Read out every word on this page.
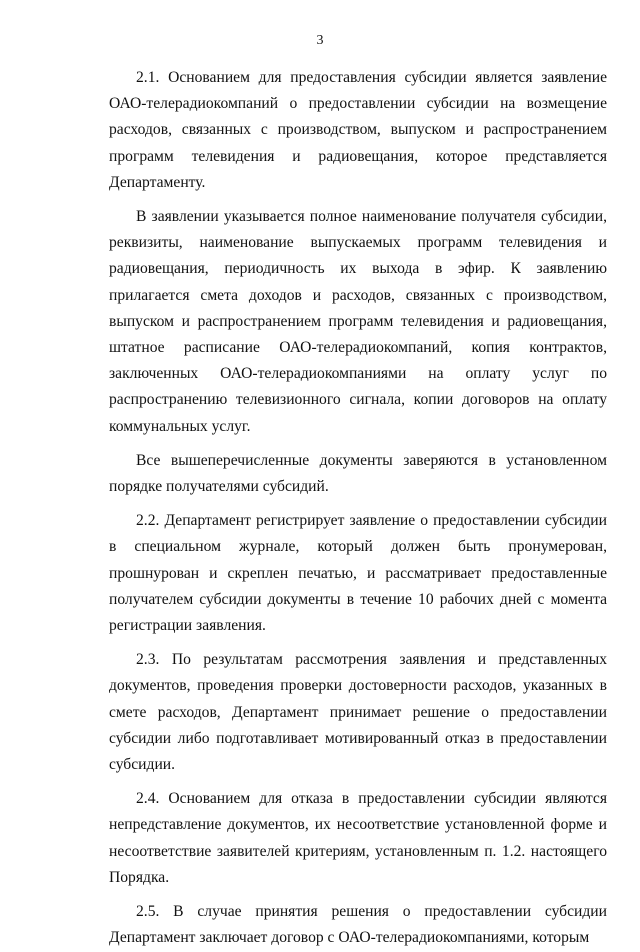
3

2.1. Основанием для предоставления субсидии является заявление ОАО-телерадиокомпаний о предоставлении субсидии на возмещение расходов, связанных с производством, выпуском и распространением программ телевидения и радиовещания, которое представляется Департаменту.

В заявлении указывается полное наименование получателя субсидии, реквизиты, наименование выпускаемых программ телевидения и радиовещания, периодичность их выхода в эфир. К заявлению прилагается смета доходов и расходов, связанных с производством, выпуском и распространением программ телевидения и радиовещания, штатное расписание ОАО-телерадиокомпаний, копия контрактов, заключенных ОАО-телерадиокомпаниями на оплату услуг по распространению телевизионного сигнала, копии договоров на оплату коммунальных услуг.

Все вышеперечисленные документы заверяются в установленном порядке получателями субсидий.

2.2. Департамент регистрирует заявление о предоставлении субсидии в специальном журнале, который должен быть пронумерован, прошнурован и скреплен печатью, и рассматривает предоставленные получателем субсидии документы в течение 10 рабочих дней с момента регистрации заявления.

2.3. По результатам рассмотрения заявления и представленных документов, проведения проверки достоверности расходов, указанных в смете расходов, Департамент принимает решение о предоставлении субсидии либо подготавливает мотивированный отказ в предоставлении субсидии.

2.4. Основанием для отказа в предоставлении субсидии являются непредставление документов, их несоответствие установленной форме и несоответствие заявителей критериям, установленным п. 1.2. настоящего Порядка.

2.5. В случае принятия решения о предоставлении субсидии Департамент заключает договор с ОАО-телерадиокомпаниями, которым
